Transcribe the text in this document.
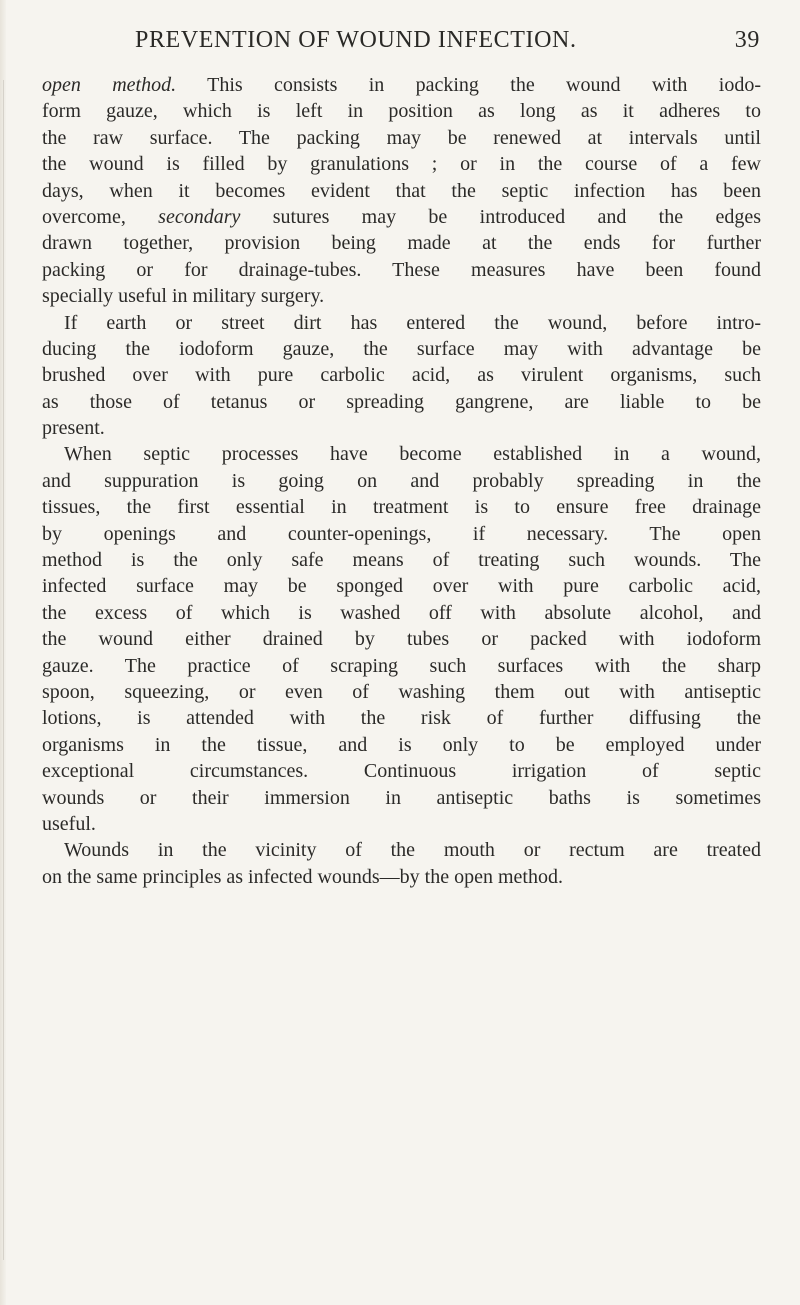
PREVENTION OF WOUND INFECTION.	39
open method. This consists in packing the wound with iodo-
form gauze, which is left in position as long as it adheres to
the raw surface. The packing may be renewed at intervals until
the wound is filled by granulations ; or in the course of a few
days, when it becomes evident that the septic infection has been
overcome, secondary sutures may be introduced and the edges
drawn together, provision being made at the ends for further
packing or for drainage-tubes. These measures have been found
specially useful in military surgery.
If earth or street dirt has entered the wound, before intro-
ducing the iodoform gauze, the surface may with advantage be
brushed over with pure carbolic acid, as virulent organisms, such
as those of tetanus or spreading gangrene, are liable to be
present.
When septic processes have become established in a wound,
and suppuration is going on and probably spreading in the
tissues, the first essential in treatment is to ensure free drainage
by openings and counter-openings, if necessary. The open
method is the only safe means of treating such wounds. The
infected surface may be sponged over with pure carbolic acid,
the excess of which is washed off with absolute alcohol, and
the wound either drained by tubes or packed with iodoform
gauze. The practice of scraping such surfaces with the sharp
spoon, squeezing, or even of washing them out with antiseptic
lotions, is attended with the risk of further diffusing the
organisms in the tissue, and is only to be employed under
exceptional circumstances. Continuous irrigation of septic
wounds or their immersion in antiseptic baths is sometimes
useful.
Wounds in the vicinity of the mouth or rectum are treated
on the same principles as infected wounds—by the open method.
